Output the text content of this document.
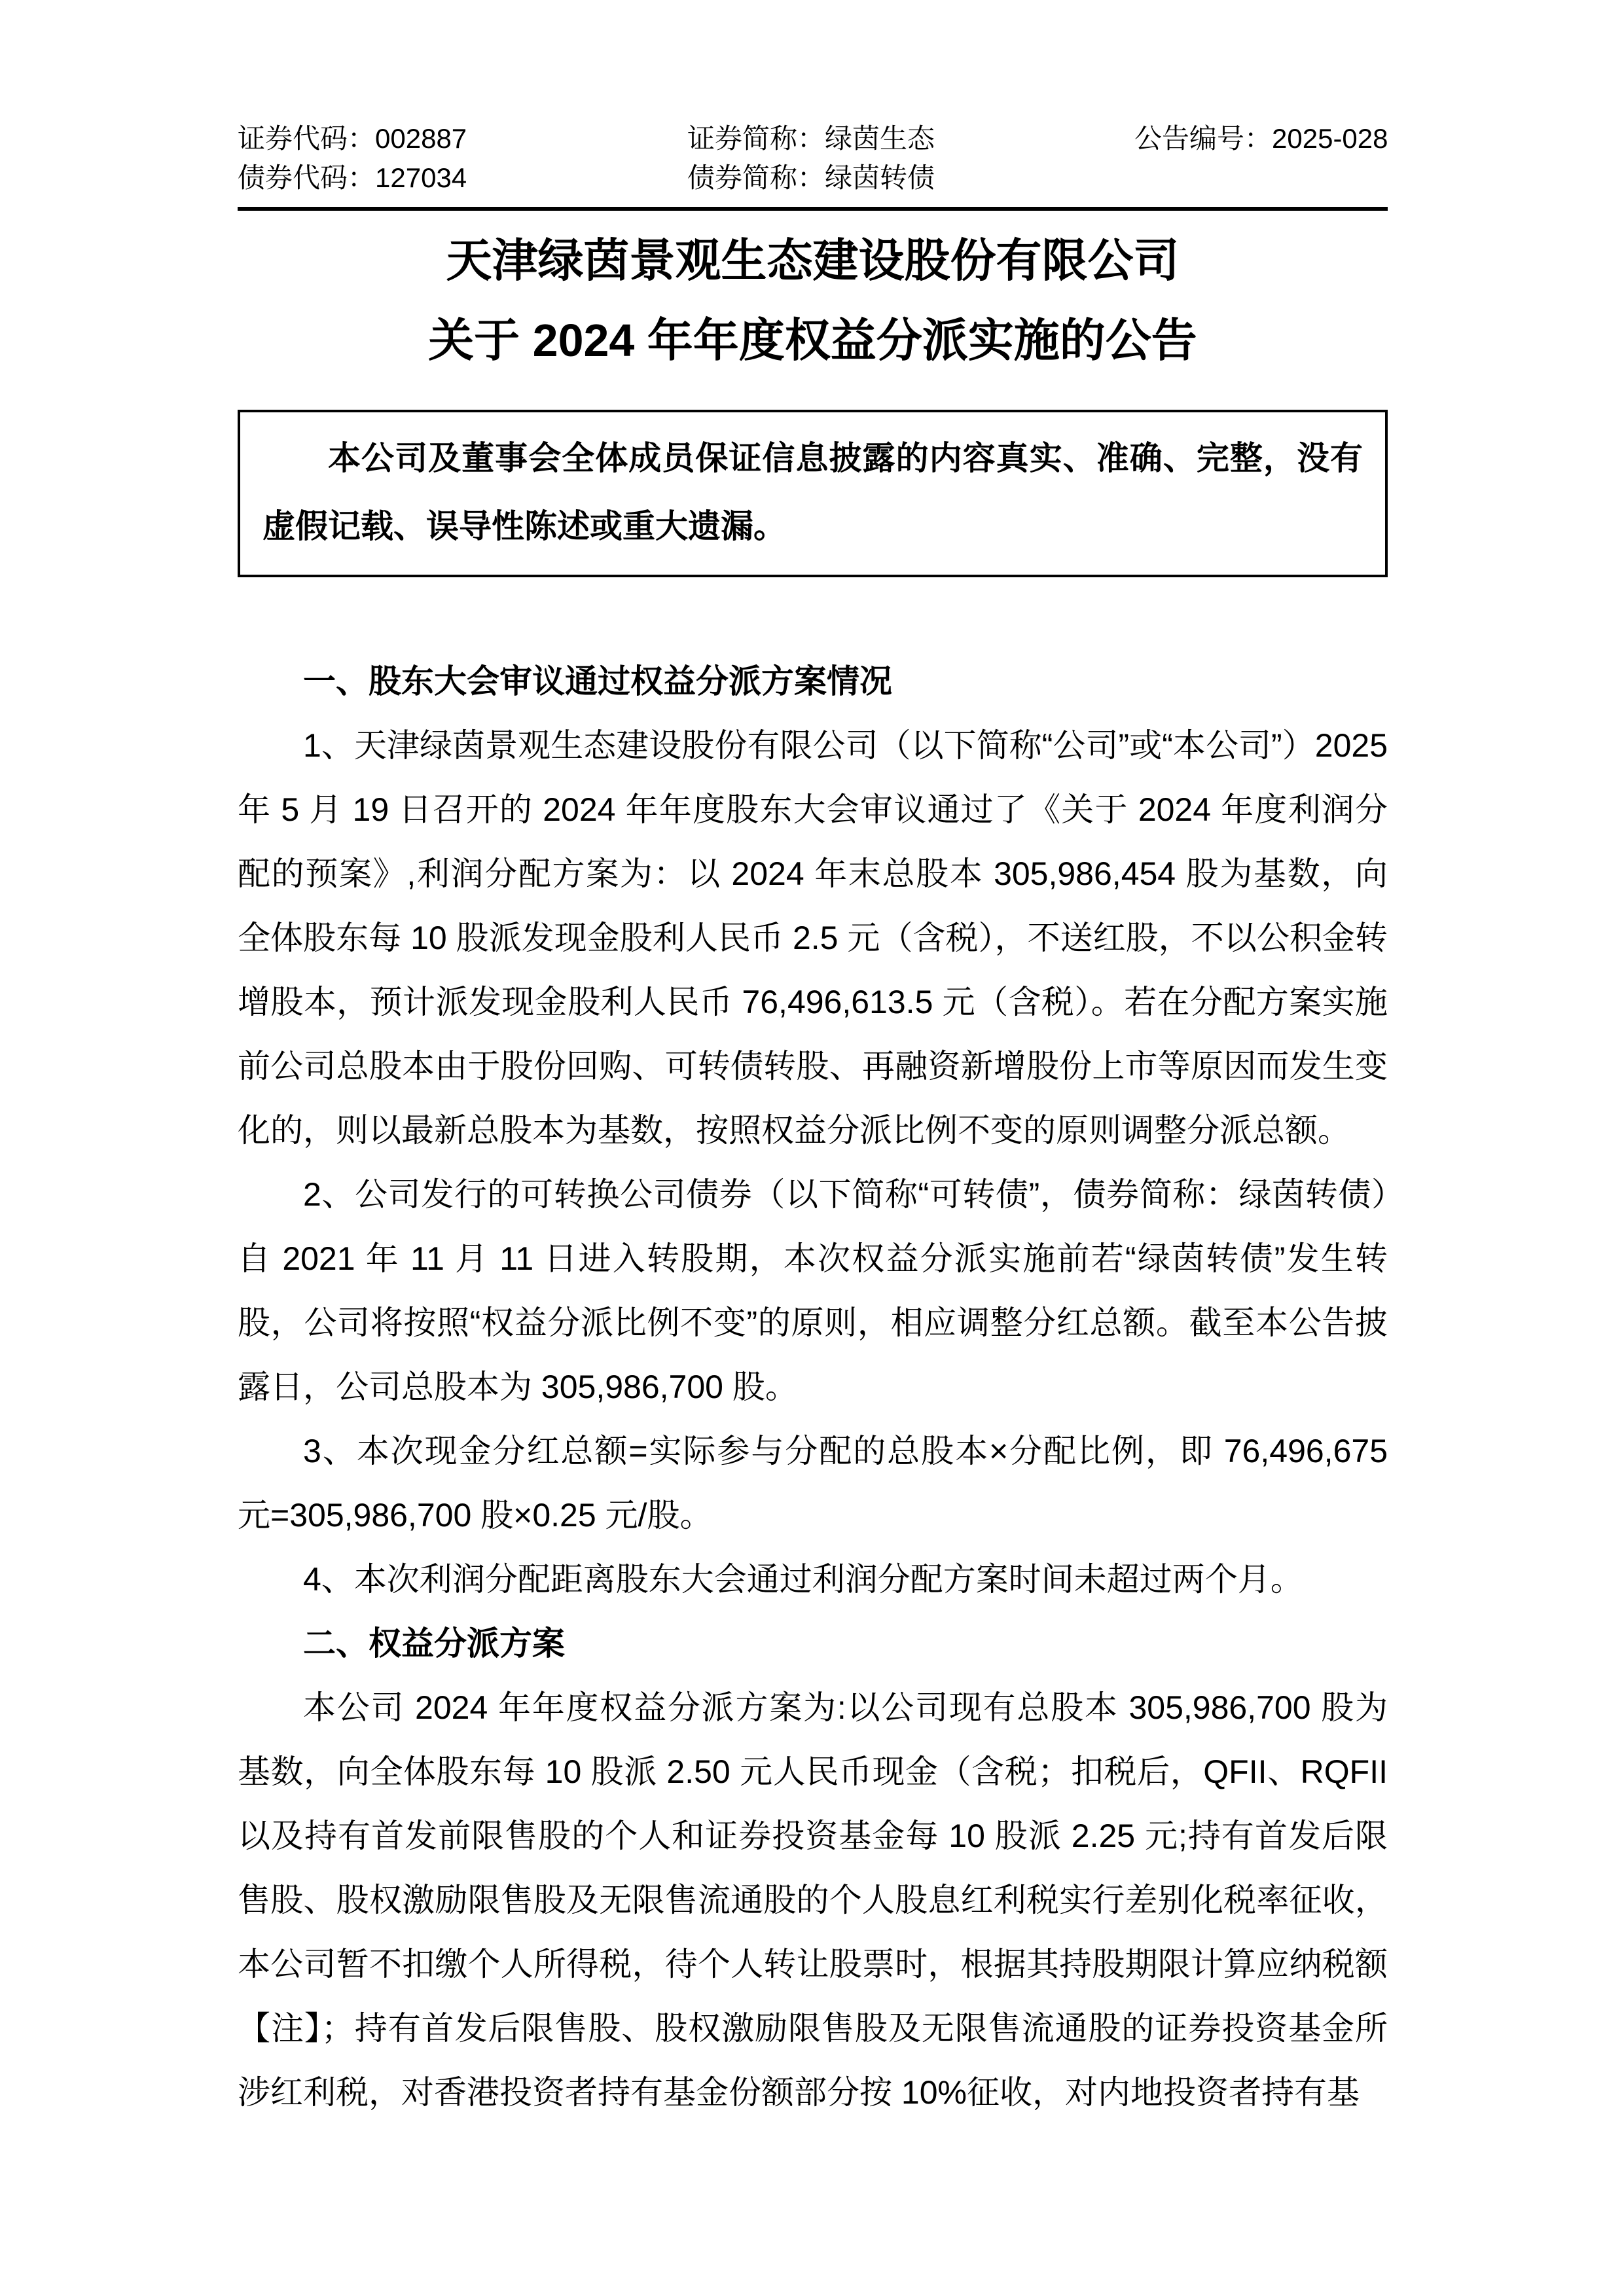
证券代码：002887	证券简称：绿茵生态	公告编号：2025-028
债券代码：127034	债券简称：绿茵转债
天津绿茵景观生态建设股份有限公司
关于 2024 年年度权益分派实施的公告

本公司及董事会全体成员保证信息披露的内容真实、准确、完整，没有虚假记载、误导性陈述或重大遗漏。

一、股东大会审议通过权益分派方案情况

1、天津绿茵景观生态建设股份有限公司（以下简称“公司”或“本公司”）2025 年 5 月 19 日召开的 2024 年年度股东大会审议通过了《关于 2024 年度利润分配的预案》,利润分配方案为：以 2024 年末总股本 305,986,454 股为基数，向全体股东每 10 股派发现金股利人民币 2.5 元（含税），不送红股，不以公积金转增股本，预计派发现金股利人民币 76,496,613.5 元（含税）。若在分配方案实施前公司总股本由于股份回购、可转债转股、再融资新增股份上市等原因而发生变化的，则以最新总股本为基数，按照权益分派比例不变的原则调整分派总额。

2、公司发行的可转换公司债券（以下简称“可转债”，债券简称：绿茵转债）自 2021 年 11 月 11 日进入转股期，本次权益分派实施前若“绿茵转债”发生转股，公司将按照“权益分派比例不变”的原则，相应调整分红总额。截至本公告披露日，公司总股本为 305,986,700 股。

3、本次现金分红总额=实际参与分配的总股本×分配比例，即 76,496,675 元=305,986,700 股×0.25 元/股。

4、本次利润分配距离股东大会通过利润分配方案时间未超过两个月。

二、权益分派方案

本公司 2024 年年度权益分派方案为:以公司现有总股本 305,986,700 股为基数，向全体股东每 10 股派 2.50 元人民币现金（含税；扣税后，QFII、RQFII 以及持有首发前限售股的个人和证券投资基金每 10 股派 2.25 元;持有首发后限售股、股权激励限售股及无限售流通股的个人股息红利税实行差别化税率征收，本公司暂不扣缴个人所得税，待个人转让股票时，根据其持股期限计算应纳税额【注】；持有首发后限售股、股权激励限售股及无限售流通股的证券投资基金所涉红利税，对香港投资者持有基金份额部分按 10%征收，对内地投资者持有基
